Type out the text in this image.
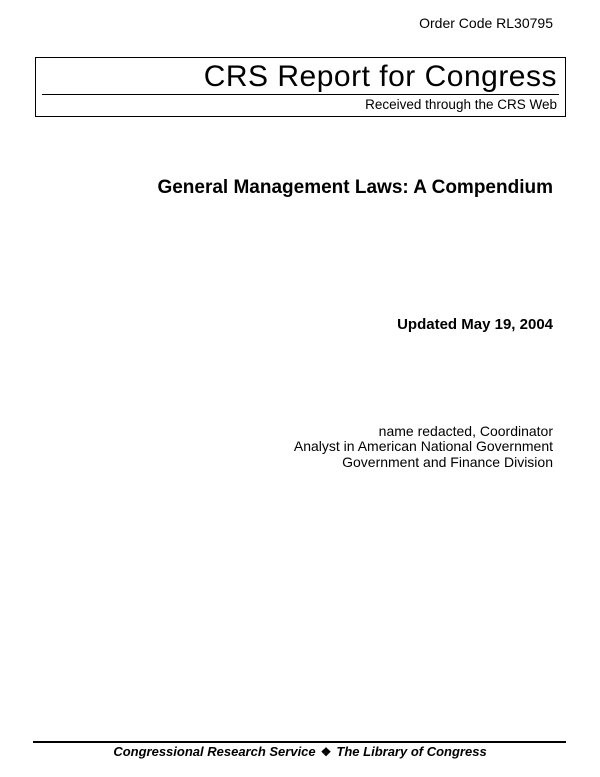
Order Code RL30795
CRS Report for Congress
Received through the CRS Web
General Management Laws: A Compendium
Updated May 19, 2004
name redacted, Coordinator
Analyst in American National Government
Government and Finance Division
Congressional Research Service ❖ The Library of Congress
